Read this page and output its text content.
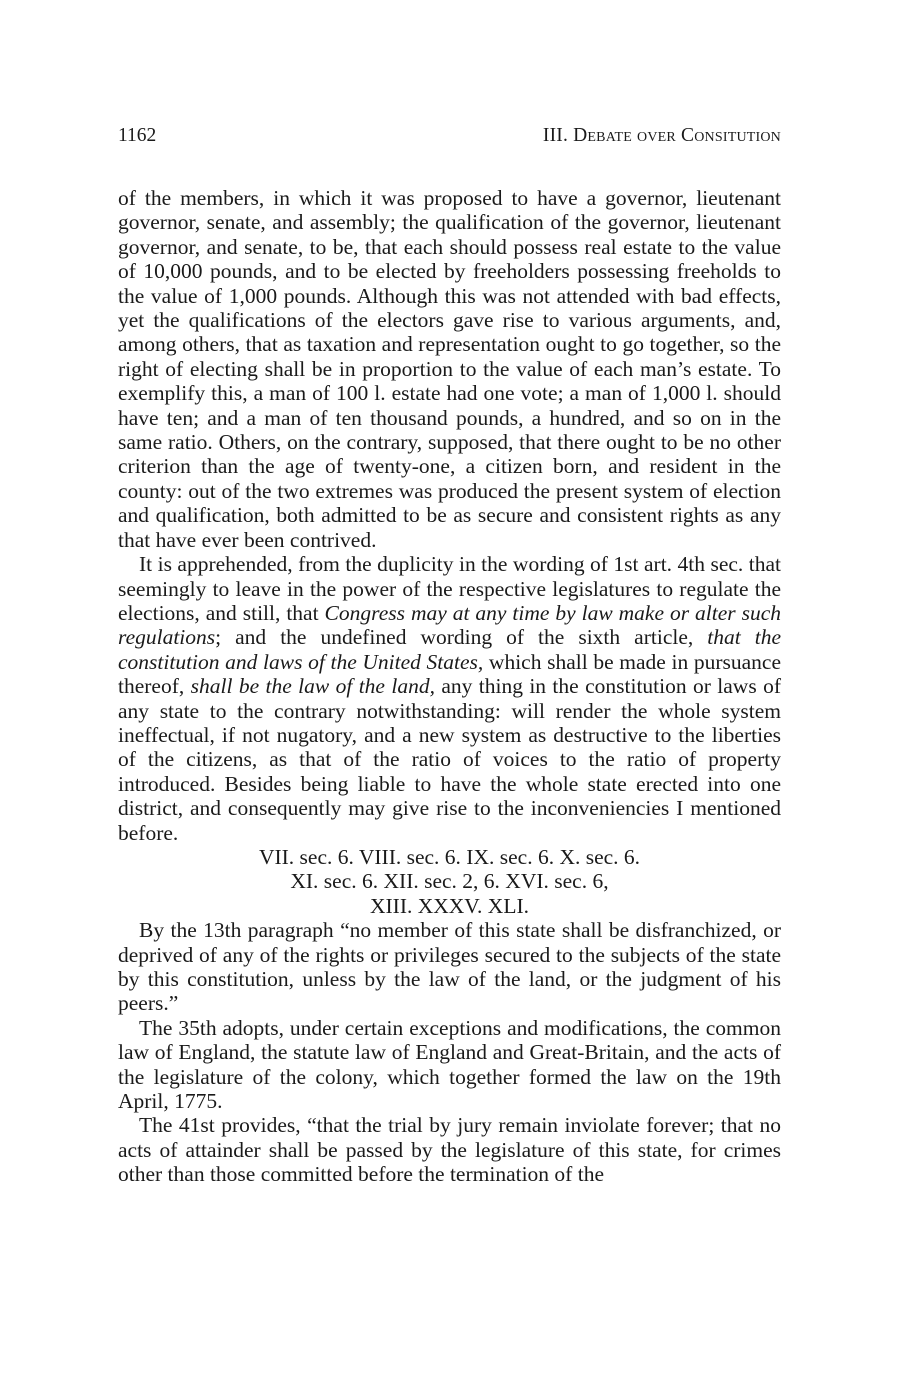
1162	III. Debate over Consitution

of the members, in which it was proposed to have a governor, lieutenant governor, senate, and assembly; the qualification of the governor, lieutenant governor, and senate, to be, that each should possess real estate to the value of 10,000 pounds, and to be elected by freeholders possessing freeholds to the value of 1,000 pounds. Although this was not attended with bad effects, yet the qualifications of the electors gave rise to various arguments, and, among others, that as taxation and representation ought to go together, so the right of electing shall be in proportion to the value of each man’s estate. To exemplify this, a man of 100 l. estate had one vote; a man of 1,000 l. should have ten; and a man of ten thousand pounds, a hundred, and so on in the same ratio. Others, on the contrary, supposed, that there ought to be no other criterion than the age of twenty-one, a citizen born, and resident in the county: out of the two extremes was produced the present system of election and qualification, both admitted to be as secure and consistent rights as any that have ever been contrived.

It is apprehended, from the duplicity in the wording of 1st art. 4th sec. that seemingly to leave in the power of the respective legislatures to regulate the elections, and still, that Congress may at any time by law make or alter such regulations; and the undefined wording of the sixth article, that the constitution and laws of the United States, which shall be made in pursuance thereof, shall be the law of the land, any thing in the constitution or laws of any state to the contrary notwithstanding: will render the whole system ineffectual, if not nugatory, and a new system as destructive to the liberties of the citizens, as that of the ratio of voices to the ratio of property introduced. Besides being liable to have the whole state erected into one district, and consequently may give rise to the inconveniencies I mentioned before.

VII. sec. 6. VIII. sec. 6. IX. sec. 6. X. sec. 6.

XI. sec. 6. XII. sec. 2, 6. XVI. sec. 6,

XIII. XXXV. XLI.

By the 13th paragraph “no member of this state shall be disfranchized, or deprived of any of the rights or privileges secured to the subjects of the state by this constitution, unless by the law of the land, or the judgment of his peers.”

The 35th adopts, under certain exceptions and modifications, the common law of England, the statute law of England and Great-Britain, and the acts of the legislature of the colony, which together formed the law on the 19th April, 1775.

The 41st provides, “that the trial by jury remain inviolate forever; that no acts of attainder shall be passed by the legislature of this state, for crimes other than those committed before the termination of the
